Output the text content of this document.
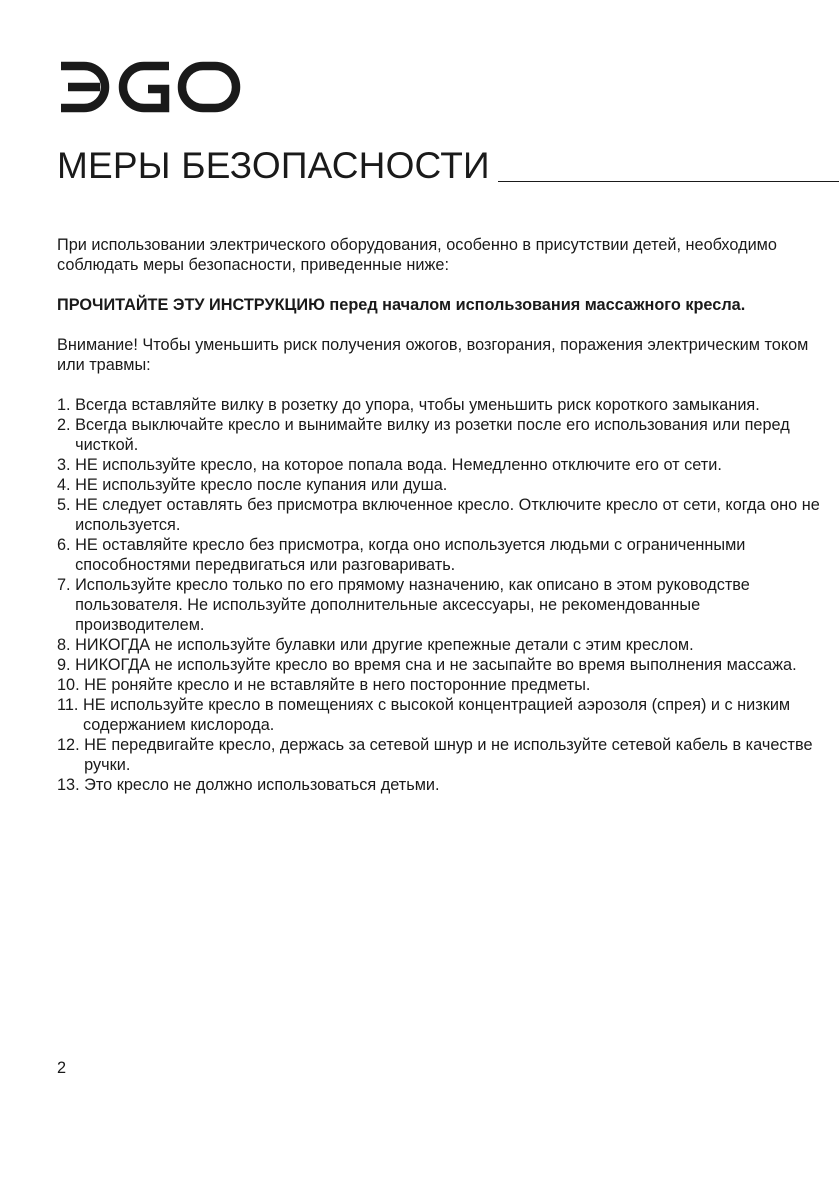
МЕРЫ БЕЗОПАСНОСТИ

При использовании электрического оборудования, особенно в присутствии детей, необходимо соблюдать меры безопасности, приведенные ниже:

ПРОЧИТАЙТЕ ЭТУ ИНСТРУКЦИЮ перед началом использования массажного кресла.

Внимание! Чтобы уменьшить риск получения ожогов, возгорания, поражения электрическим током или травмы:

1. Всегда вставляйте вилку в розетку до упора, чтобы уменьшить риск короткого замыкания.
2. Всегда выключайте кресло и вынимайте вилку из розетки после его использования или перед чисткой.
3. НЕ используйте кресло, на которое попала вода. Немедленно отключите его от сети.
4. НЕ используйте кресло после купания или душа.
5. НЕ следует оставлять без присмотра включенное кресло. Отключите кресло от сети, когда оно не используется.
6. НЕ оставляйте кресло без присмотра, когда оно используется людьми с ограниченными способностями передвигаться или разговаривать.
7. Используйте кресло только по его прямому назначению, как описано в этом руководстве пользователя. Не используйте дополнительные аксессуары, не рекомендованные производителем.
8. НИКОГДА не используйте булавки или другие крепежные детали с этим креслом.
9. НИКОГДА не используйте кресло во время сна и не засыпайте во время выполнения массажа.
10. НЕ роняйте кресло и не вставляйте в него посторонние предметы.
11. НЕ используйте кресло в помещениях с высокой концентрацией аэрозоля (спрея) и с низким содержанием кислорода.
12. НЕ передвигайте кресло, держась за сетевой шнур и не используйте сетевой кабель в качестве ручки.
13. Это кресло не должно использоваться детьми.
2
